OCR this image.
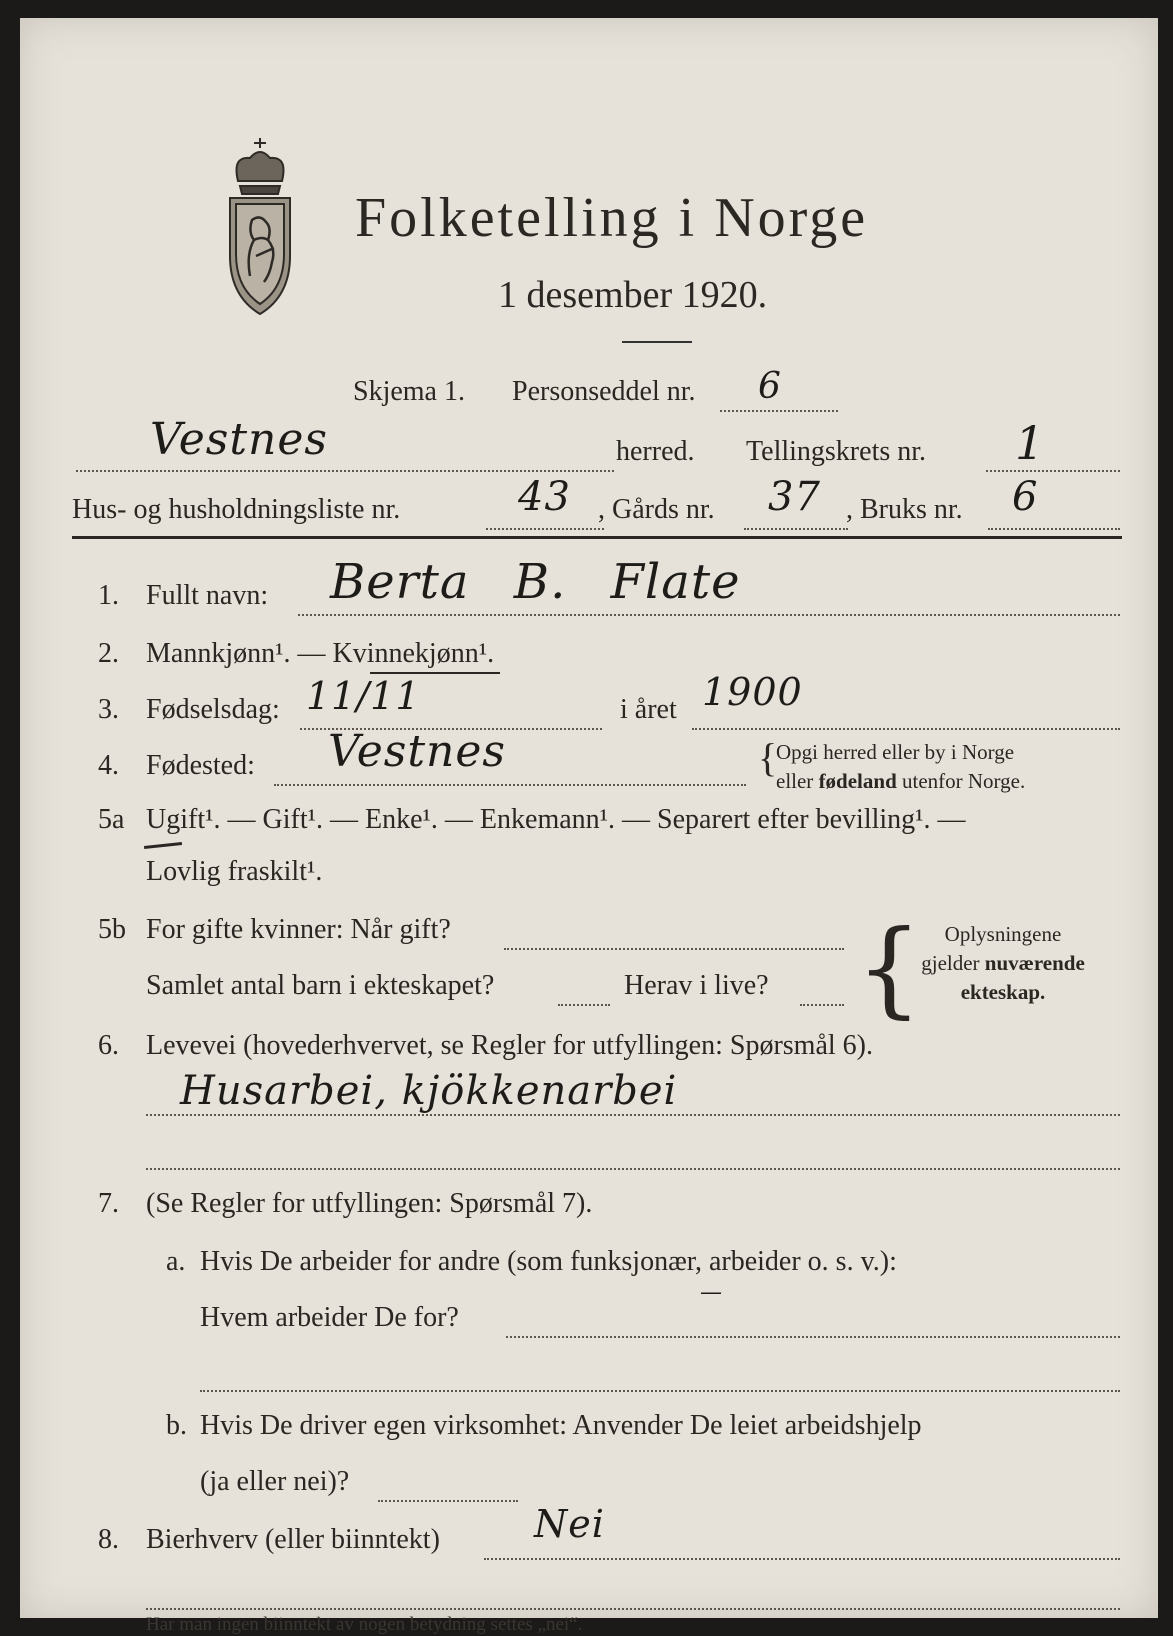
Folketelling i Norge
1 desember 1920.
Skjema 1. Personseddel nr. 6
Vestnes	herred. Tellingskrets nr. 1
Hus- og husholdningsliste nr.	43 , Gårds nr. 37 , Bruks nr. 6
1. Fullt navn: Berta B. Flate
2. Mannkjønn¹. — Kvinnekjønn¹.
3. Fødselsdag: 11/11	i året 1900
4. Fødested: Vestnes	{
Opgi herred eller by i Norge
eller fødeland utenfor Norge.
5a Ugift¹. — Gift¹. — Enke¹. — Enkemann¹. — Separert efter bevilling¹. —
Lovlig fraskilt¹.
5b For gifte kvinner: Når gift?
Samlet antal barn i ekteskapet?	Herav i live? {	Oplysningene
gjelder nuværende
ekteskap.
6. Levevei (hovederhvervet, se Regler for utfyllingen: Spørsmål 6).
Husarbei, kjökkenarbei
7. (Se Regler for utfyllingen: Spørsmål 7).
a. Hvis De arbeider for andre (som funksjonær, arbeider o. s. v.):
Hvem arbeider De for?
—
b. Hvis De driver egen virksomhet: Anvender De leiet arbeidshjelp
(ja eller nei)?
8. Bierhverv (eller biinntekt) Nei
Har man ingen biinntekt av nogen betydning settes „nei“.
